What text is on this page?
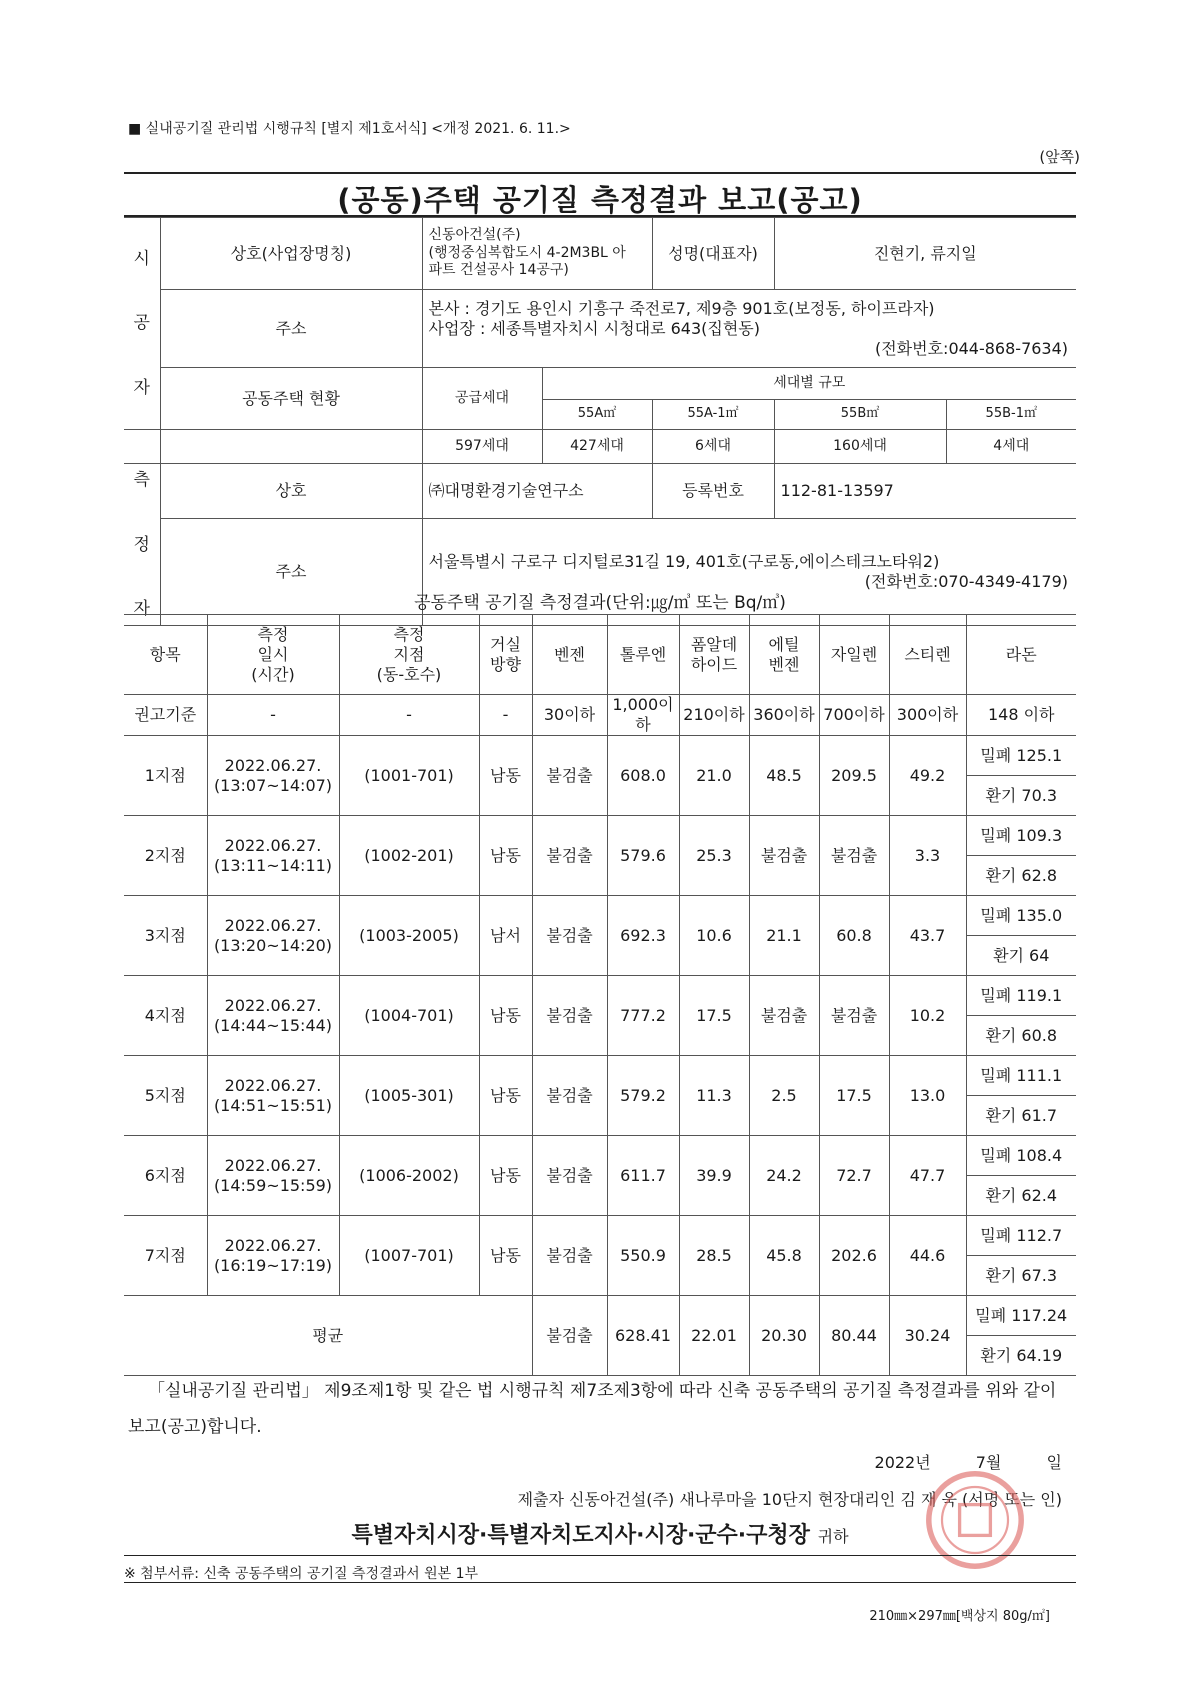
■ 실내공기질 관리법 시행규칙 [별지 제1호서식] <개정 2021. 6. 11.>
(앞쪽)
(공동)주택 공기질 측정결과 보고(공고)
시

공

자	상호(사업장명칭)	신동아건설(주)
(행정중심복합도시 4-2M3BL 아
파트 건설공사 14공구)		성명(대표자)	진현기, 류지일	
	주소	본사 : 경기도 용인시 기흥구 죽전로7, 제9층 901호(보정동, 하이프라자)
사업장 : 세종특별자치시 시청대로 643(집현동)
(전화번호:044-868-7634)				

	공동주택 현황	공급세대	세대별 규모			
			55A㎡	55A-1㎡	55B㎡	55B-1㎡
		597세대	427세대	6세대	160세대	4세대
측

정

자	상호	㈜대명환경기술연구소		등록번호	112-81-13597	
	주소	서울특별시 구로구 디지털로31길 19, 401호(구로동,에이스테크노타워2)
(전화번호:070-4349-4179)				
공동주택 공기질 측정결과(단위:㎍/㎥ 또는 Bq/㎥)
항목	측정
일시
(시간)	측정
지점
(동-호수)	거실
방향	벤젠	톨루엔	폼알데
하이드	에틸
벤젠	자일렌	스티렌	라돈
권고기준	-	-	-	30이하	1,000이하	210이하	360이하	700이하	300이하	148 이하
1지점	2022.06.27.
(13:07~14:07)	(1001-701)	남동	불검출	608.0	21.0	48.5	209.5	49.2	밀폐 125.1
										환기 70.3
2지점	2022.06.27.
(13:11~14:11)	(1002-201)	남동	불검출	579.6	25.3	불검출	불검출	3.3	밀폐 109.3
										환기 62.8
3지점	2022.06.27.
(13:20~14:20)	(1003-2005)	남서	불검출	692.3	10.6	21.1	60.8	43.7	밀폐 135.0
										환기 64
4지점	2022.06.27.
(14:44~15:44)	(1004-701)	남동	불검출	777.2	17.5	불검출	불검출	10.2	밀폐 119.1
										환기 60.8
5지점	2022.06.27.
(14:51~15:51)	(1005-301)	남동	불검출	579.2	11.3	2.5	17.5	13.0	밀폐 111.1
										환기 61.7
6지점	2022.06.27.
(14:59~15:59)	(1006-2002)	남동	불검출	611.7	39.9	24.2	72.7	47.7	밀폐 108.4
										환기 62.4
7지점	2022.06.27.
(16:19~17:19)	(1007-701)	남동	불검출	550.9	28.5	45.8	202.6	44.6	밀폐 112.7
										환기 67.3
평균				불검출	628.41	22.01	20.30	80.44	30.24	밀폐 117.24
										환기 64.19
「실내공기질 관리법」 제9조제1항 및 같은 법 시행규칙 제7조제3항에 따라 신축 공동주택의 공기질 측정결과를 위와 같이 보고(공고)합니다.
2022년	7월	일
제출자 신동아건설(주) 새나루마을 10단지 현장대리인 김 재 욱 (서명 또는 인)
특별자치시장·특별자치도지사·시장·군수·구청장 귀하
※ 첨부서류: 신축 공동주택의 공기질 측정결과서 원본 1부
210㎜×297㎜[백상지 80g/㎡]
